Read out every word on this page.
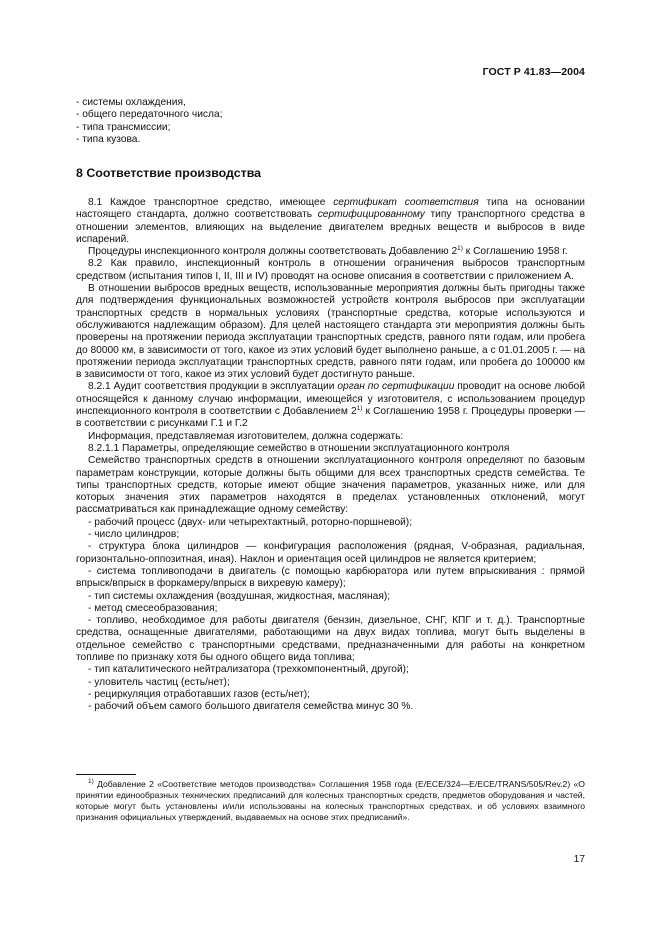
ГОСТ Р 41.83—2004
- системы охлаждения,
- общего передаточного числа;
- типа трансмиссии;
- типа кузова.
8 Соответствие производства

8.1 Каждое транспортное средство, имеющее сертификат соответствия типа на основании настоящего стандарта, должно соответствовать сертифицированному типу транспортного средства в отношении элементов, влияющих на выделение двигателем вредных веществ и выбросов в виде испарений.

Процедуры инспекционного контроля должны соответствовать Добавлению 2$^{1)}$ к Соглашению 1958 г.

8.2 Как правило, инспекционный контроль в отношении ограничения выбросов транспортным средством (испытания типов I, II, III и IV) проводят на основе описания в соответствии с приложением А.

В отношении выбросов вредных веществ, использованные мероприятия должны быть пригодны также для подтверждения функциональных возможностей устройств контроля выбросов при эксплуатации транспортных средств в нормальных условиях (транспортные средства, которые используются и обслуживаются надлежащим образом). Для целей настоящего стандарта эти мероприятия должны быть проверены на протяжении периода эксплуатации транспортных средств, равного пяти годам, или пробега до 80000 км, в зависимости от того, какое из этих условий будет выполнено раньше, а с 01.01.2005 г. — на протяжении периода эксплуатации транспортных средств, равного пяти годам, или пробега до 100000 км в зависимости от того, какое из этих условий будет достигнуто раньше.

8.2.1 Аудит соответствия продукции в эксплуатации орган по сертификации проводит на основе любой относящейся к данному случаю информации, имеющейся у изготовителя, с использованием процедур инспекционного контроля в соответствии с Добавлением 2$^{1)}$ к Соглашению 1958 г. Процедуры проверки — в соответствии с рисунками Г.1 и Г.2

Информация, представляемая изготовителем, должна содержать:

8.2.1.1 Параметры, определяющие семейство в отношении эксплуатационного контроля

Семейство транспортных средств в отношении эксплуатационного контроля определяют по базовым параметрам конструкции, которые должны быть общими для всех транспортных средств семейства. Те типы транспортных средств, которые имеют общие значения параметров, указанных ниже, или для которых значения этих параметров находятся в пределах установленных отклонений, могут рассматриваться как принадлежащие одному семейству:

- рабочий процесс (двух- или четырехтактный, роторно-поршневой);

- число цилиндров;

- структура блока цилиндров — конфигурация расположения (рядная, V-образная, радиальная, горизонтально-оппозитная, иная). Наклон и ориентация осей цилиндров не является критерием;

- система топливоподачи в двигатель (с помощью карбюратора или путем впрыскивания : прямой впрыск/впрыск в форкамеру/впрыск в вихревую камеру);

- тип системы охлаждения (воздушная, жидкостная, масляная);

- метод смесеобразования;

- топливо, необходимое для работы двигателя (бензин, дизельное, СНГ, КПГ и т. д.). Транспортные средства, оснащенные двигателями, работающими на двух видах топлива, могут быть выделены в отдельное семейство с транспортными средствами, предназначенными для работы на конкретном топливе по признаку хотя бы одного общего вида топлива;

- тип каталитического нейтрализатора (трехкомпонентный, другой);

- уловитель частиц (есть/нет);

- рециркуляция отработавших газов (есть/нет);

- рабочий объем самого большого двигателя семейства минус 30 %.

$^{1)}$ Добавление 2 «Соответствие методов производства» Соглашения 1958 года (E/ECE/324—E/ECE/TRANS/505/Rev.2) «О принятии единообразных технических предписаний для колесных транспортных средств, предметов оборудования и частей, которые могут быть установлены и/или использованы на колесных транспортных средствах, и об условиях взаимного признания официальных утверждений, выдаваемых на основе этих предписаний».

17
